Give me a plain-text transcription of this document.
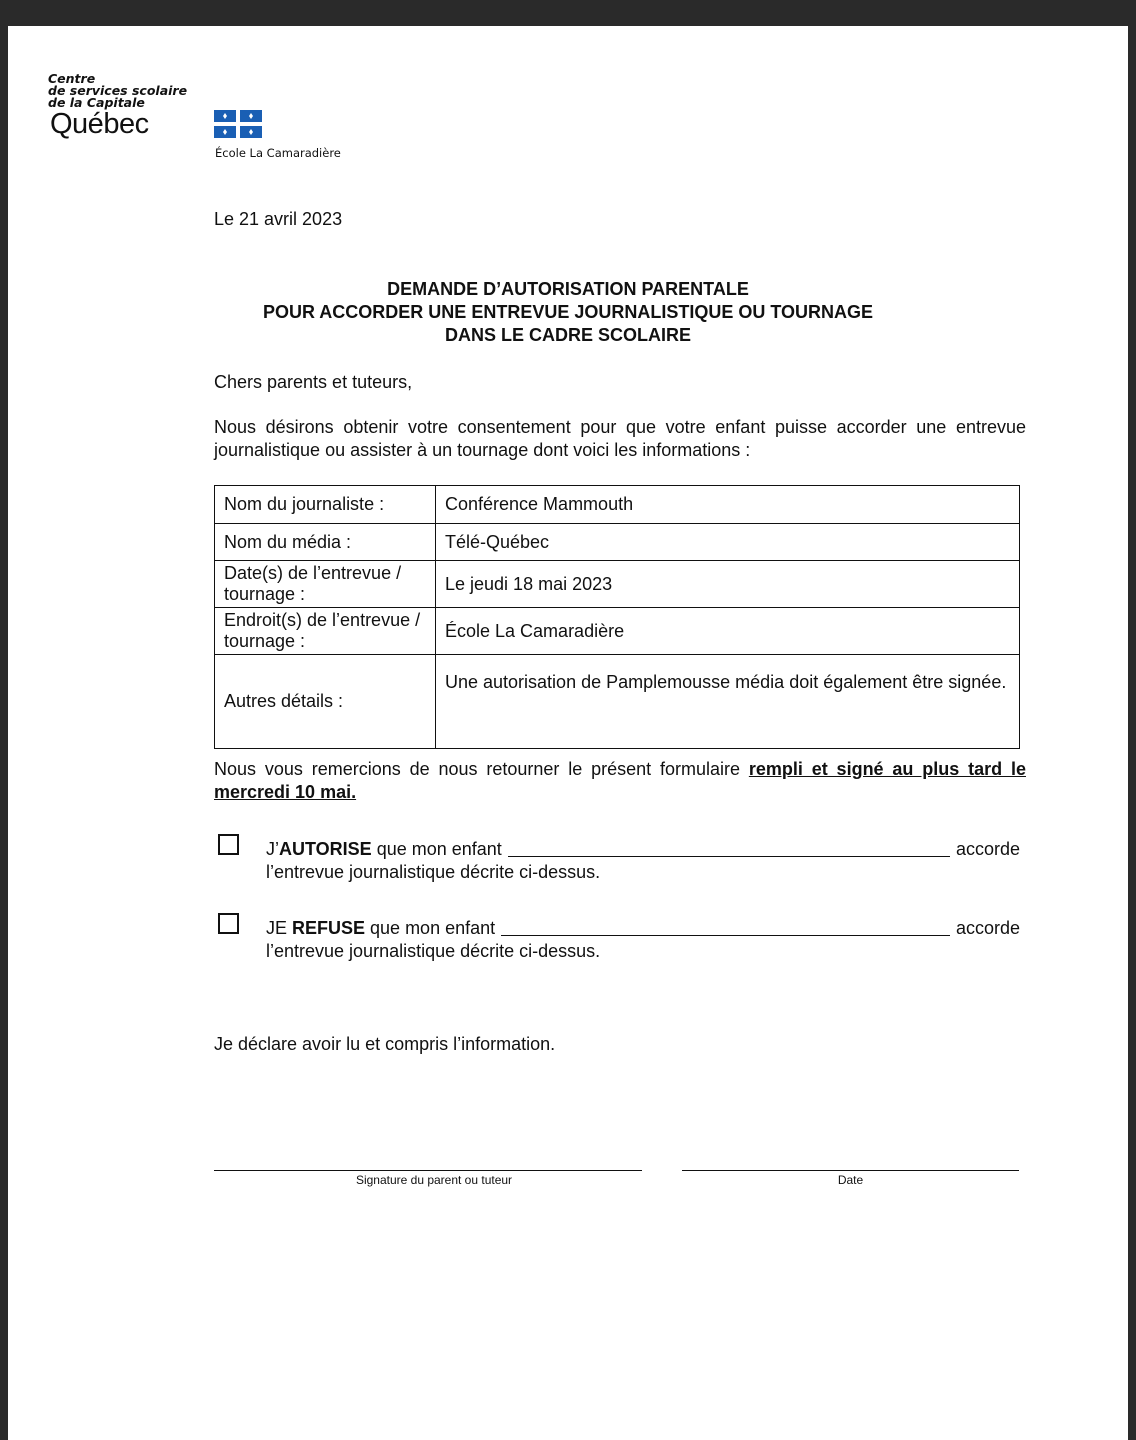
Centre

de services scolaire

de la Capitale

Québec
École La Camaradière
Le 21 avril 2023
DEMANDE D’AUTORISATION PARENTALE
POUR ACCORDER UNE ENTREVUE JOURNALISTIQUE OU TOURNAGE
DANS LE CADRE SCOLAIRE
Chers parents et tuteurs,
Nous désirons obtenir votre consentement pour que votre enfant puisse accorder une entrevue journalistique ou assister à un tournage dont voici les informations :
Nom du journaliste :	Conférence Mammouth
Nom du média :	Télé-Québec
Date(s) de l’entrevue / tournage :	Le jeudi 18 mai 2023
Endroit(s) de l’entrevue / tournage :	École La Camaradière
Autres détails :	Une autorisation de Pamplemousse média doit également être signée.
Nous vous remercions de nous retourner le présent formulaire rempli et signé au plus tard le mercredi 10 mai.
J’ AUTORISE que mon enfant	accorde
l’entrevue journalistique décrite ci-dessus.
JE REFUSE que mon enfant	accorde
l’entrevue journalistique décrite ci-dessus.
Je déclare avoir lu et compris l’information.
Signature du parent ou tuteur	Date
